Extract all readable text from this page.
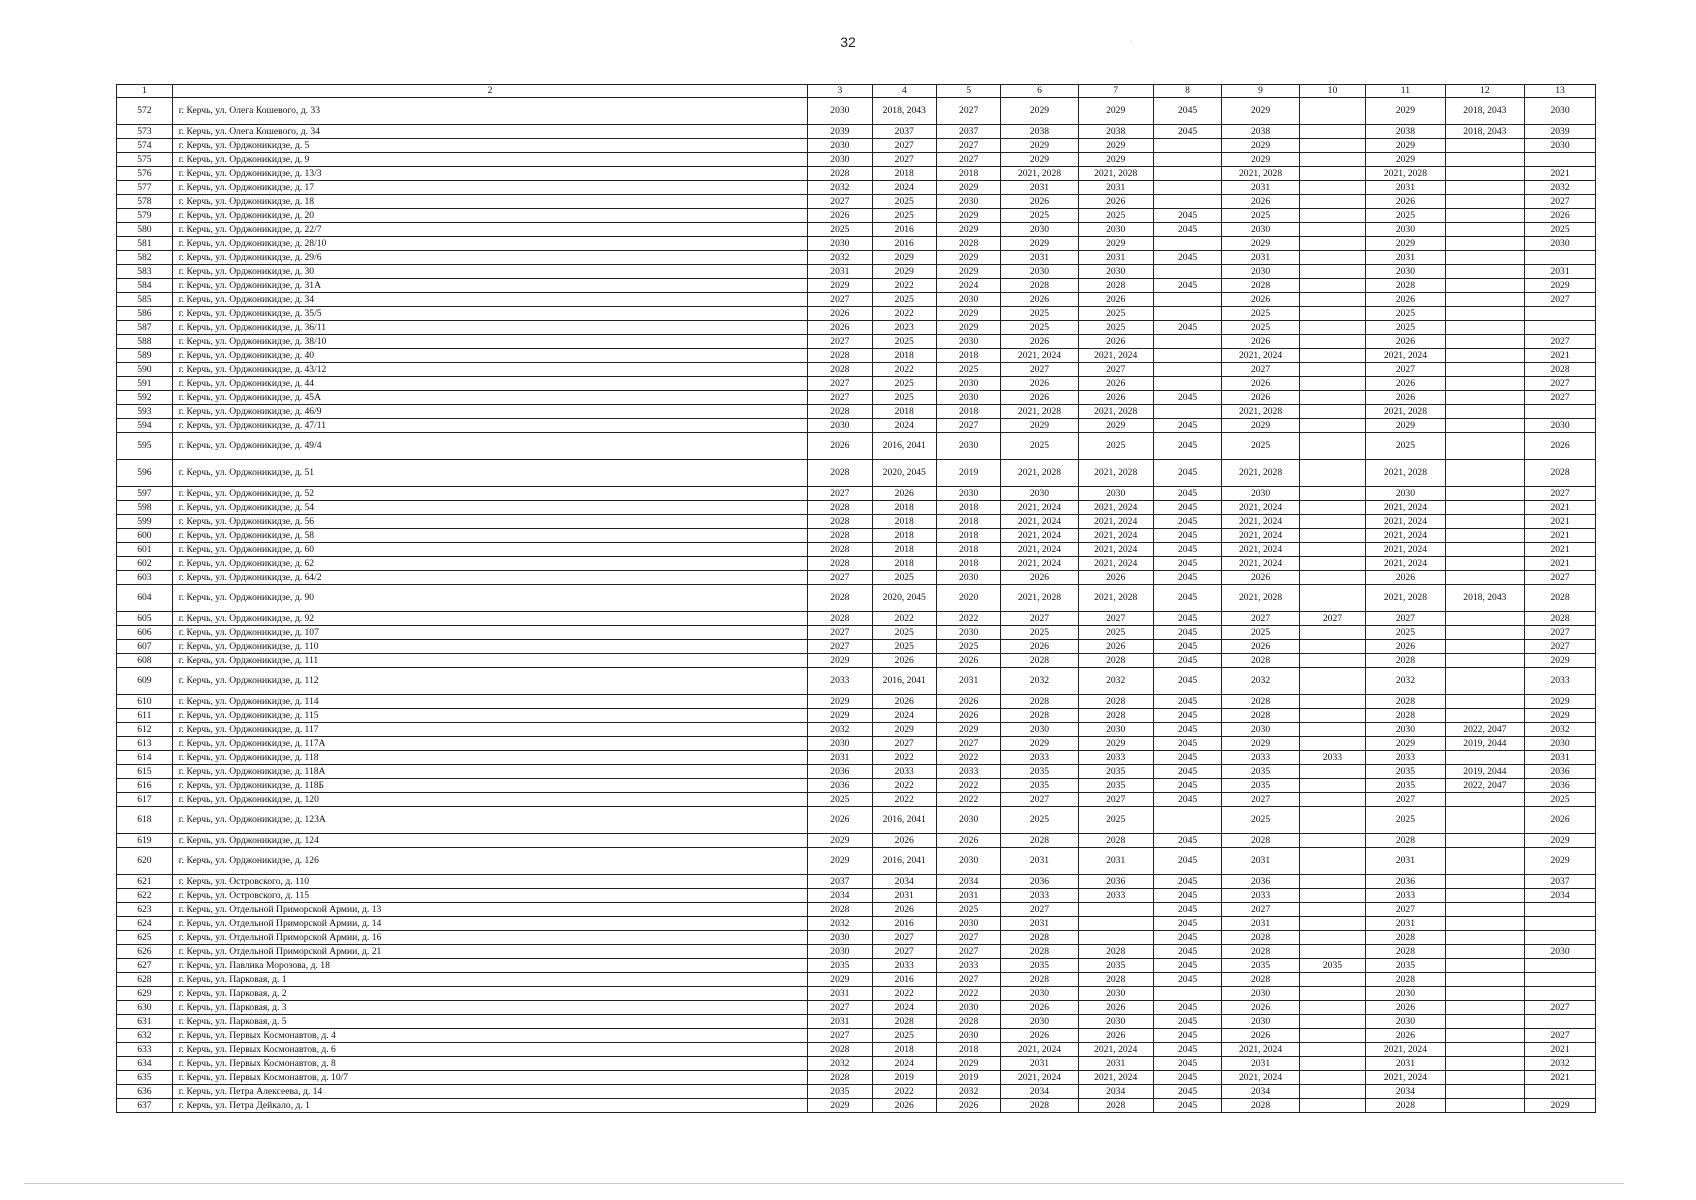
32	·
1	2	3	4	5	6	7	8	9	10	11	12	13
572	г. Керчь, ул. Олега Кошевого, д. 33	2030	2018, 2043	2027	2029	2029	2045	2029		2029	2018, 2043	2030
573	г. Керчь, ул. Олега Кошевого, д. 34	2039	2037	2037	2038	2038	2045	2038		2038	2018, 2043	2039
574	г. Керчь, ул. Орджоникидзе, д. 5	2030	2027	2027	2029	2029		2029		2029		2030
575	г. Керчь, ул. Орджоникидзе, д. 9	2030	2027	2027	2029	2029		2029		2029		
576	г. Керчь, ул. Орджоникидзе, д. 13/3	2028	2018	2018	2021, 2028	2021, 2028		2021, 2028		2021, 2028		2021
577	г. Керчь, ул. Орджоникидзе, д. 17	2032	2024	2029	2031	2031		2031		2031		2032
578	г. Керчь, ул. Орджоникидзе, д. 18	2027	2025	2030	2026	2026		2026		2026		2027
579	г. Керчь, ул. Орджоникидзе, д. 20	2026	2025	2029	2025	2025	2045	2025		2025		2026
580	г. Керчь, ул. Орджоникидзе, д. 22/7	2025	2016	2029	2030	2030	2045	2030		2030		2025
581	г. Керчь, ул. Орджоникидзе, д. 28/10	2030	2016	2028	2029	2029		2029		2029		2030
582	г. Керчь, ул. Орджоникидзе, д. 29/6	2032	2029	2029	2031	2031	2045	2031		2031		
583	г. Керчь, ул. Орджоникидзе, д. 30	2031	2029	2029	2030	2030		2030		2030		2031
584	г. Керчь, ул. Орджоникидзе, д. 31А	2029	2022	2024	2028	2028	2045	2028		2028		2029
585	г. Керчь, ул. Орджоникидзе, д. 34	2027	2025	2030	2026	2026		2026		2026		2027
586	г. Керчь, ул. Орджоникидзе, д. 35/5	2026	2022	2029	2025	2025		2025		2025		
587	г. Керчь, ул. Орджоникидзе, д. 36/11	2026	2023	2029	2025	2025	2045	2025		2025		
588	г. Керчь, ул. Орджоникидзе, д. 38/10	2027	2025	2030	2026	2026		2026		2026		2027
589	г. Керчь, ул. Орджоникидзе, д. 40	2028	2018	2018	2021, 2024	2021, 2024		2021, 2024		2021, 2024		2021
590	г. Керчь, ул. Орджоникидзе, д. 43/12	2028	2022	2025	2027	2027		2027		2027		2028
591	г. Керчь, ул. Орджоникидзе, д. 44	2027	2025	2030	2026	2026		2026		2026		2027
592	г. Керчь, ул. Орджоникидзе, д. 45А	2027	2025	2030	2026	2026	2045	2026		2026		2027
593	г. Керчь, ул. Орджоникидзе, д. 46/9	2028	2018	2018	2021, 2028	2021, 2028		2021, 2028		2021, 2028		
594	г. Керчь, ул. Орджоникидзе, д. 47/11	2030	2024	2027	2029	2029	2045	2029		2029		2030
595	г. Керчь, ул. Орджоникидзе, д. 49/4	2026	2016, 2041	2030	2025	2025	2045	2025		2025		2026
596	г. Керчь, ул. Орджоникидзе, д. 51	2028	2020, 2045	2019	2021, 2028	2021, 2028	2045	2021, 2028		2021, 2028		2028
597	г. Керчь, ул. Орджоникидзе, д. 52	2027	2026	2030	2030	2030	2045	2030		2030		2027
598	г. Керчь, ул. Орджоникидзе, д. 54	2028	2018	2018	2021, 2024	2021, 2024	2045	2021, 2024		2021, 2024		2021
599	г. Керчь, ул. Орджоникидзе, д. 56	2028	2018	2018	2021, 2024	2021, 2024	2045	2021, 2024		2021, 2024		2021
600	г. Керчь, ул. Орджоникидзе, д. 58	2028	2018	2018	2021, 2024	2021, 2024	2045	2021, 2024		2021, 2024		2021
601	г. Керчь, ул. Орджоникидзе, д. 60	2028	2018	2018	2021, 2024	2021, 2024	2045	2021, 2024		2021, 2024		2021
602	г. Керчь, ул. Орджоникидзе, д. 62	2028	2018	2018	2021, 2024	2021, 2024	2045	2021, 2024		2021, 2024		2021
603	г. Керчь, ул. Орджоникидзе, д. 64/2	2027	2025	2030	2026	2026	2045	2026		2026		2027
604	г. Керчь, ул. Орджоникидзе, д. 90	2028	2020, 2045	2020	2021, 2028	2021, 2028	2045	2021, 2028		2021, 2028	2018, 2043	2028
605	г. Керчь, ул. Орджоникидзе, д. 92	2028	2022	2022	2027	2027	2045	2027	2027	2027		2028
606	г. Керчь, ул. Орджоникидзе, д. 107	2027	2025	2030	2025	2025	2045	2025		2025		2027
607	г. Керчь, ул. Орджоникидзе, д. 110	2027	2025	2025	2026	2026	2045	2026		2026		2027
608	г. Керчь, ул. Орджоникидзе, д. 111	2029	2026	2026	2028	2028	2045	2028		2028		2029
609	г. Керчь, ул. Орджоникидзе, д. 112	2033	2016, 2041	2031	2032	2032	2045	2032		2032		2033
610	г. Керчь, ул. Орджоникидзе, д. 114	2029	2026	2026	2028	2028	2045	2028		2028		2029
611	г. Керчь, ул. Орджоникидзе, д. 115	2029	2024	2026	2028	2028	2045	2028		2028		2029
612	г. Керчь, ул. Орджоникидзе, д. 117	2032	2029	2029	2030	2030	2045	2030		2030	2022, 2047	2032
613	г. Керчь, ул. Орджоникидзе, д. 117А	2030	2027	2027	2029	2029	2045	2029		2029	2019, 2044	2030
614	г. Керчь, ул. Орджоникидзе, д. 118	2031	2022	2022	2033	2033	2045	2033	2033	2033		2031
615	г. Керчь, ул. Орджоникидзе, д. 118А	2036	2033	2033	2035	2035	2045	2035		2035	2019, 2044	2036
616	г. Керчь, ул. Орджоникидзе, д. 118Б	2036	2022	2022	2035	2035	2045	2035		2035	2022, 2047	2036
617	г. Керчь, ул. Орджоникидзе, д. 120	2025	2022	2022	2027	2027	2045	2027		2027		2025
618	г. Керчь, ул. Орджоникидзе, д. 123А	2026	2016, 2041	2030	2025	2025		2025		2025		2026
619	г. Керчь, ул. Орджоникидзе, д. 124	2029	2026	2026	2028	2028	2045	2028		2028		2029
620	г. Керчь, ул. Орджоникидзе, д. 126	2029	2016, 2041	2030	2031	2031	2045	2031		2031		2029
621	г. Керчь, ул. Островского, д. 110	2037	2034	2034	2036	2036	2045	2036		2036		2037
622	г. Керчь, ул. Островского, д. 115	2034	2031	2031	2033	2033	2045	2033		2033		2034
623	г. Керчь, ул. Отдельной Приморской Армии, д. 13	2028	2026	2025	2027		2045	2027		2027		
624	г. Керчь, ул. Отдельной Приморской Армии, д. 14	2032	2016	2030	2031		2045	2031		2031		
625	г. Керчь, ул. Отдельной Приморской Армии, д. 16	2030	2027	2027	2028		2045	2028		2028		
626	г. Керчь, ул. Отдельной Приморской Армии, д. 21	2030	2027	2027	2028	2028	2045	2028		2028		2030
627	г. Керчь, ул. Павлика Морозова, д. 18	2035	2033	2033	2035	2035	2045	2035	2035	2035		
628	г. Керчь, ул. Парковая, д. 1	2029	2016	2027	2028	2028	2045	2028		2028		
629	г. Керчь, ул. Парковая, д. 2	2031	2022	2022	2030	2030		2030		2030		
630	г. Керчь, ул. Парковая, д. 3	2027	2024	2030	2026	2026	2045	2026		2026		2027
631	г. Керчь, ул. Парковая, д. 5	2031	2028	2028	2030	2030	2045	2030		2030		
632	г. Керчь, ул. Первых Космонавтов, д. 4	2027	2025	2030	2026	2026	2045	2026		2026		2027
633	г. Керчь, ул. Первых Космонавтов, д. 6	2028	2018	2018	2021, 2024	2021, 2024	2045	2021, 2024		2021, 2024		2021
634	г. Керчь, ул. Первых Космонавтов, д. 8	2032	2024	2029	2031	2031	2045	2031		2031		2032
635	г. Керчь, ул. Первых Космонавтов, д. 10/7	2028	2019	2019	2021, 2024	2021, 2024	2045	2021, 2024		2021, 2024		2021
636	г. Керчь, ул. Петра Алексеева, д. 14	2035	2022	2032	2034	2034	2045	2034		2034		
637	г. Керчь, ул. Петра Дейкало, д. 1	2029	2026	2026	2028	2028	2045	2028		2028		2029
